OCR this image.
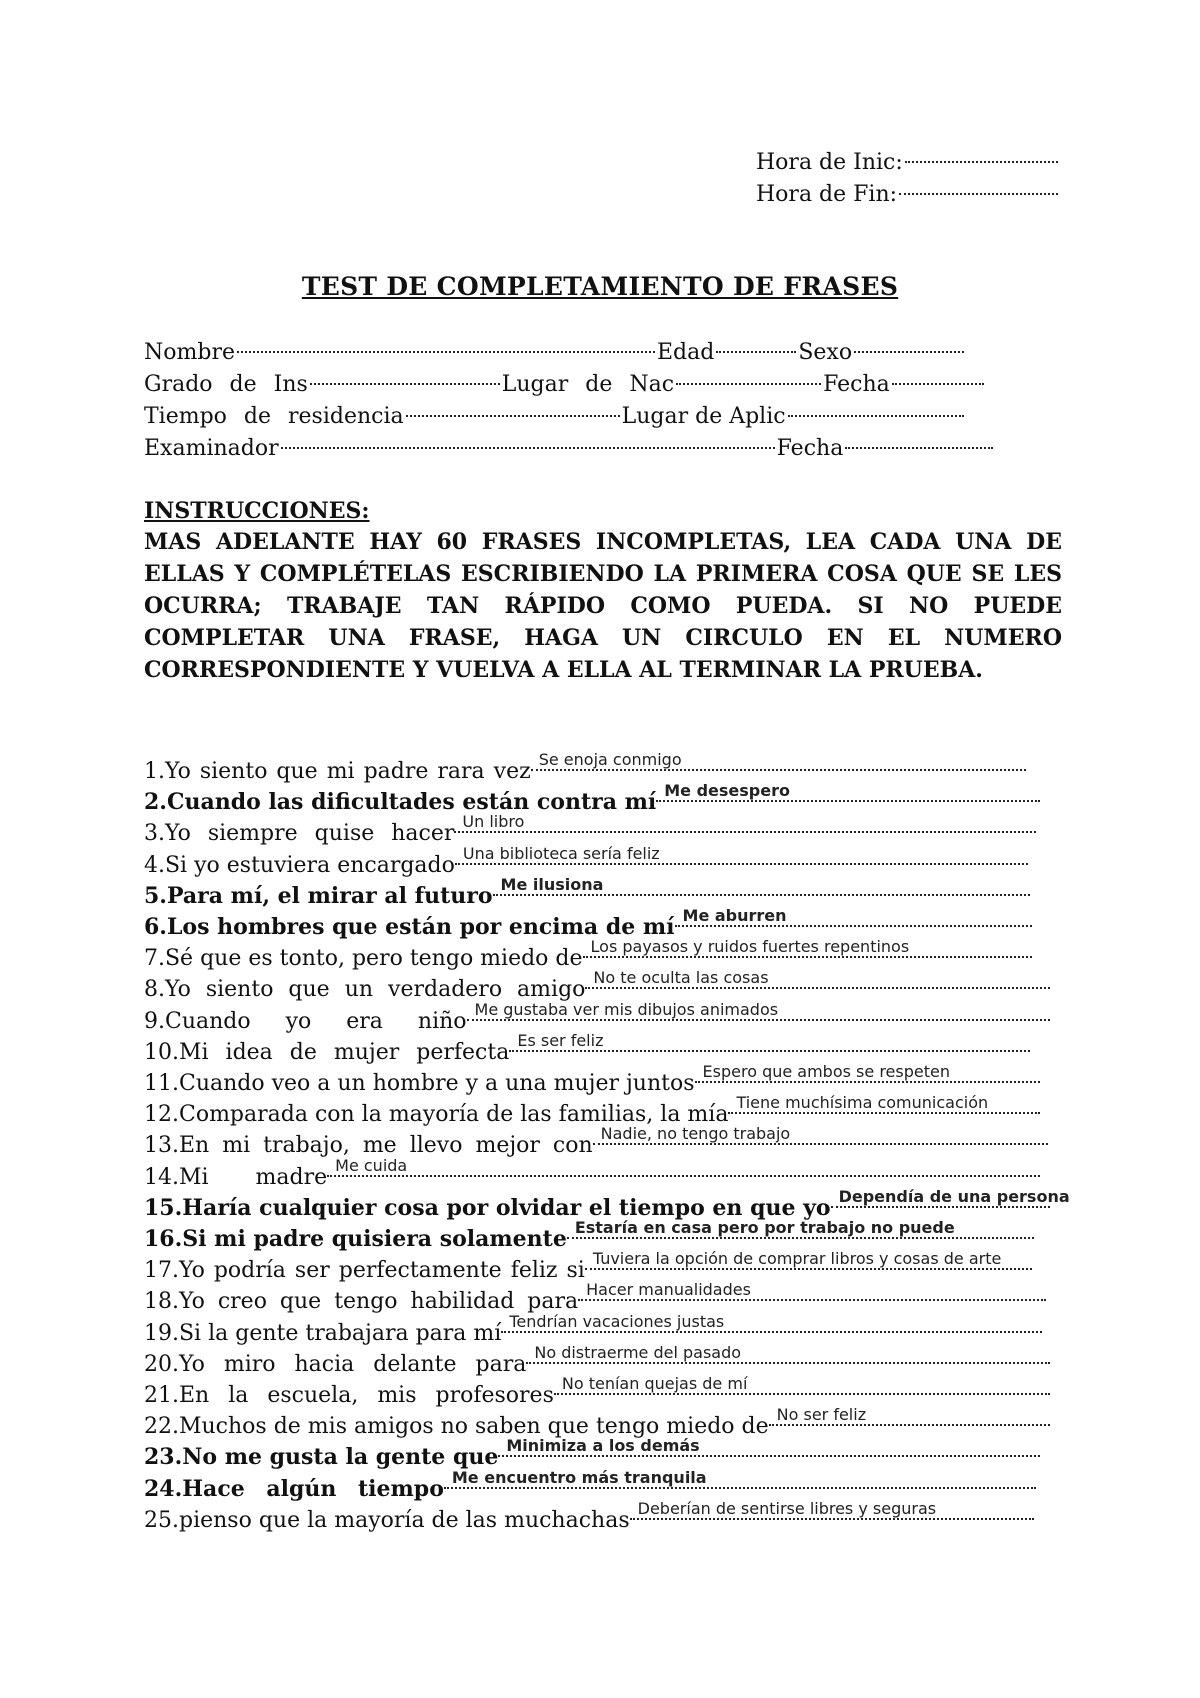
Hora de Inic:
Hora de Fin:
TEST DE COMPLETAMIENTO DE FRASES
Nombre	Edad	Sexo
Grado de Ins	Lugar de Nac	Fecha
Tiempo de residencia	Lugar de Aplic
Examinador	Fecha
INSTRUCCIONES:
MAS ADELANTE HAY 60 FRASES INCOMPLETAS, LEA CADA UNA DE ELLAS Y COMPLÉTELAS ESCRIBIENDO LA PRIMERA COSA QUE SE LES OCURRA; TRABAJE TAN RÁPIDO COMO PUEDA. SI NO PUEDE COMPLETAR UNA FRASE, HAGA UN CIRCULO EN EL NUMERO CORRESPONDIENTE Y VUELVA A ELLA AL TERMINAR LA PRUEBA.
1.Yo siento que mi padre rara vez Se enoja conmigo
2.Cuando las dificultades están contra mí Me desespero
3.Yo siempre quise hacer Un libro
4.Si yo estuviera encargado Una biblioteca sería feliz
5.Para mí, el mirar al futuro Me ilusiona
6.Los hombres que están por encima de mí Me aburren
7.Sé que es tonto, pero tengo miedo de Los payasos y ruidos fuertes repentinos
8.Yo siento que un verdadero amigo No te oculta las cosas
9.Cuando yo era niño Me gustaba ver mis dibujos animados
10.Mi idea de mujer perfecta Es ser feliz
11.Cuando veo a un hombre y a una mujer juntos Espero que ambos se respeten
12.Comparada con la mayoría de las familias, la mía Tiene muchísima comunicación
13.En mi trabajo, me llevo mejor con Nadie, no tengo trabajo
14.Mi madre Me cuida
15.Haría cualquier cosa por olvidar el tiempo en que yo Dependía de una persona
16.Si mi padre quisiera solamente Estaría en casa pero por trabajo no puede
17.Yo podría ser perfectamente feliz si Tuviera la opción de comprar libros y cosas de arte
18.Yo creo que tengo habilidad para Hacer manualidades
19.Si la gente trabajara para mí Tendrían vacaciones justas
20.Yo miro hacia delante para No distraerme del pasado
21.En la escuela, mis profesores No tenían quejas de mí
22.Muchos de mis amigos no saben que tengo miedo de No ser feliz
23.No me gusta la gente que Minimiza a los demás
24.Hace algún tiempo Me encuentro más tranquila
25.pienso que la mayoría de las muchachas Deberían de sentirse libres y seguras
